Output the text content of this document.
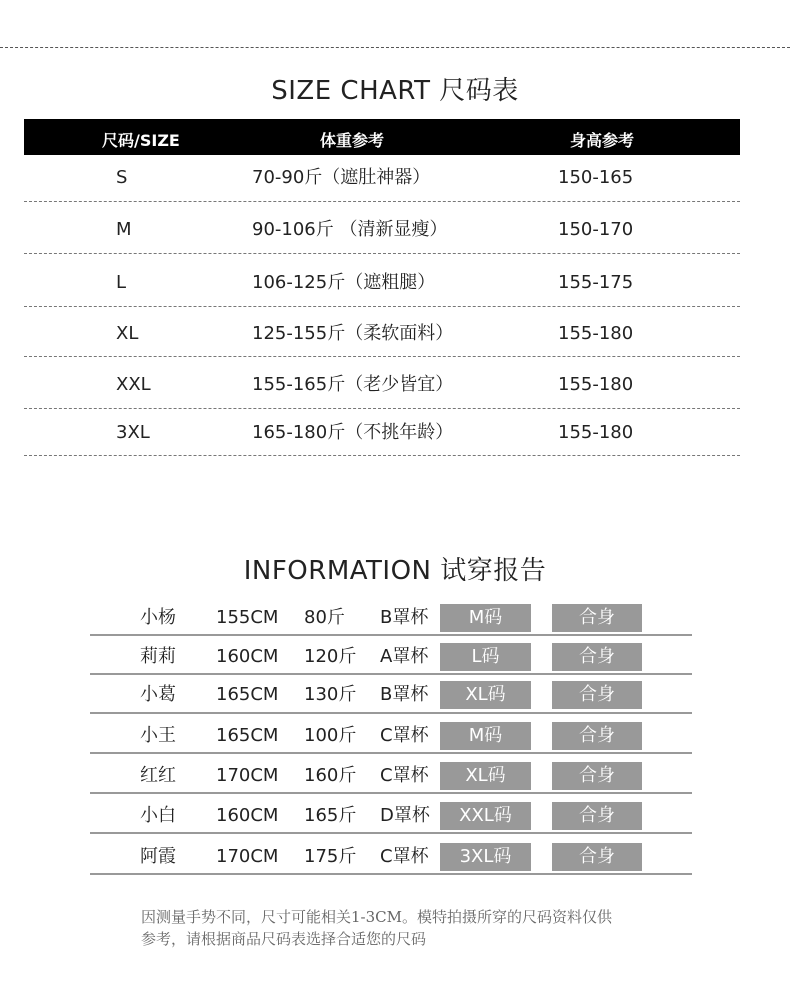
SIZE CHART 尺码表
尺码/SIZE	体重参考	身高参考
S	70-90斤（遮肚神器）	150-165
M	90-106斤 （清新显瘦）	150-170
L	106-125斤（遮粗腿）	155-175
XL	125-155斤（柔软面料）	155-180
XXL	155-165斤（老少皆宜）	155-180
3XL	165-180斤（不挑年龄）	155-180
INFORMATION 试穿报告
小杨 155CM 80斤 B罩杯	M码	合身
莉莉 160CM 120斤 A罩杯	L码	合身
小葛 165CM 130斤 B罩杯	XL码	合身
小王 165CM 100斤 C罩杯	M码	合身
红红 170CM 160斤 C罩杯	XL码	合身
小白 160CM 165斤 D罩杯	XXL码	合身
阿霞 170CM 175斤 C罩杯	3XL码	合身
因测量手势不同，尺寸可能相关1-3CM。模特拍摄所穿的尺码资料仅供
参考，请根据商品尺码表选择合适您的尺码
